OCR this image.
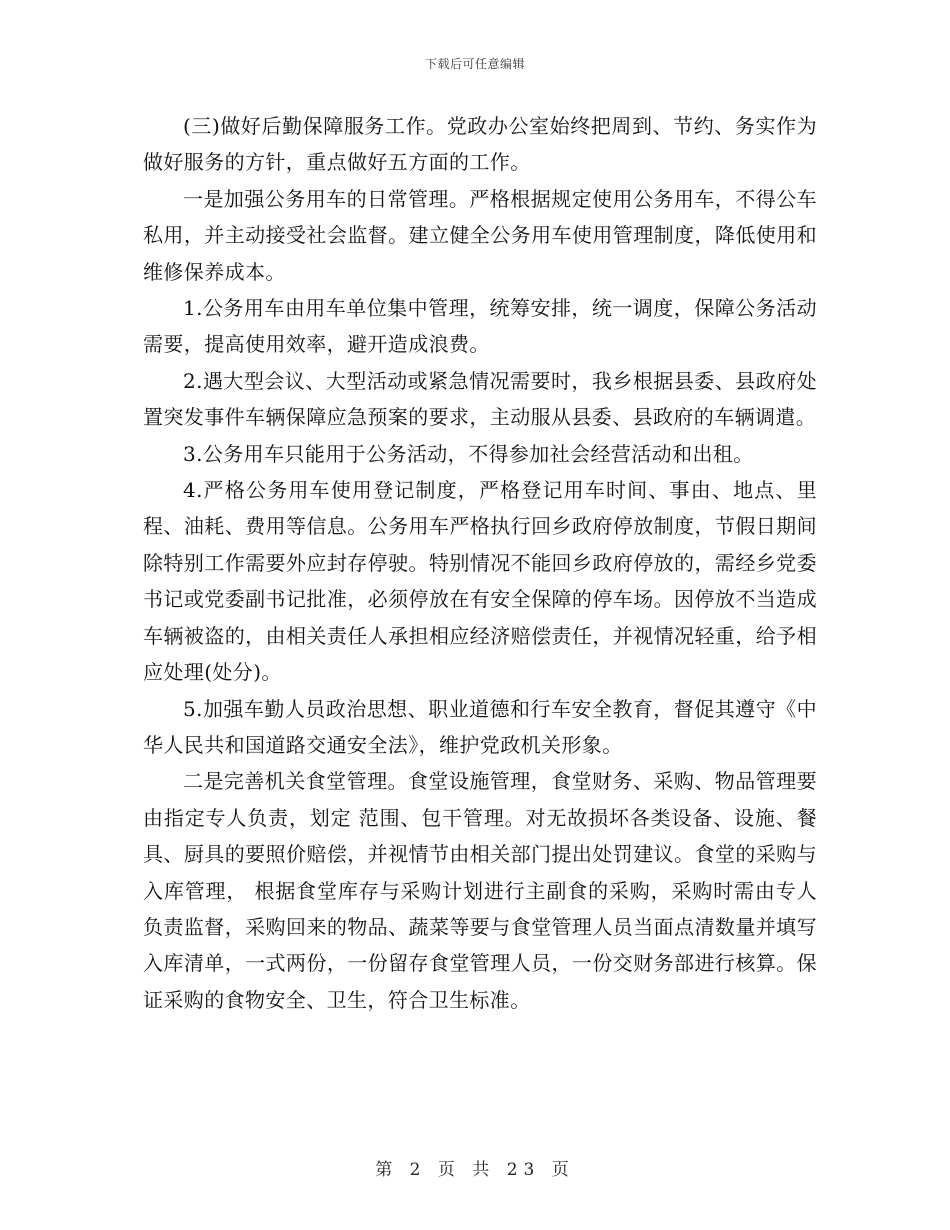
下载后可任意编辑

(三)做好后勤保障服务工作。党政办公室始终把周到、节约、务实作为做好服务的方针，重点做好五方面的工作。

一是加强公务用车的日常管理。严格根据规定使用公务用车，不得公车私用，并主动接受社会监督。建立健全公务用车使用管理制度，降低使用和维修保养成本。

1.公务用车由用车单位集中管理，统筹安排，统一调度，保障公务活动需要，提高使用效率，避开造成浪费。

2.遇大型会议、大型活动或紧急情况需要时，我乡根据县委、县政府处置突发事件车辆保障应急预案的要求，主动服从县委、县政府的车辆调遣。

3.公务用车只能用于公务活动，不得参加社会经营活动和出租。

4.严格公务用车使用登记制度，严格登记用车时间、事由、地点、里程、油耗、费用等信息。公务用车严格执行回乡政府停放制度，节假日期间除特别工作需要外应封存停驶。特别情况不能回乡政府停放的，需经乡党委书记或党委副书记批准，必须停放在有安全保障的停车场。因停放不当造成车辆被盗的，由相关责任人承担相应经济赔偿责任，并视情况轻重，给予相应处理(处分)。

5.加强车勤人员政治思想、职业道德和行车安全教育，督促其遵守《中华人民共和国道路交通安全法》，维护党政机关形象。

二是完善机关食堂管理。食堂设施管理，食堂财务、采购、物品管理要由指定专人负责，划定 范围、包干管理。对无故损坏各类设备、设施、餐具、厨具的要照价赔偿，并视情节由相关部门提出处罚建议。食堂的采购与入库管理， 根据食堂库存与采购计划进行主副食的采购，采购时需由专人负责监督，采购回来的物品、蔬菜等要与食堂管理人员当面点清数量并填写入库清单，一式两份，一份留存食堂管理人员，一份交财务部进行核算。保证采购的食物安全、卫生，符合卫生标准。

第 2 页 共 23 页
